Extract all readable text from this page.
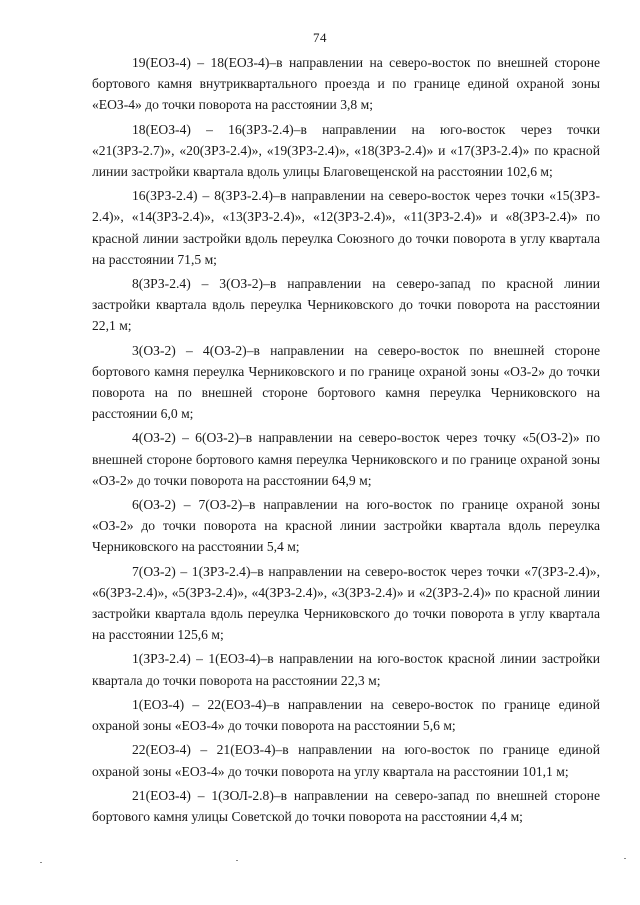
74

19(ЕОЗ-4) – 18(ЕОЗ-4)–в направлении на северо-восток по внешней стороне бортового камня внутриквартального проезда и по границе единой охраной зоны «ЕОЗ-4» до точки поворота на расстоянии 3,8 м;

18(ЕОЗ-4) – 16(ЗРЗ-2.4)–в направлении на юго-восток через точки «21(ЗРЗ-2.7)», «20(ЗРЗ-2.4)», «19(ЗРЗ-2.4)», «18(ЗРЗ-2.4)» и «17(ЗРЗ-2.4)» по красной линии застройки квартала вдоль улицы Благовещенской на расстоянии 102,6 м;

16(ЗРЗ-2.4) – 8(ЗРЗ-2.4)–в направлении на северо-восток через точки «15(ЗРЗ- 2.4)», «14(ЗРЗ-2.4)», «13(ЗРЗ-2.4)», «12(ЗРЗ-2.4)», «11(ЗРЗ-2.4)» и «8(ЗРЗ-2.4)» по красной линии застройки вдоль переулка Союзного до точки поворота в углу квартала на расстоянии 71,5 м;

8(ЗРЗ-2.4) – 3(ОЗ-2)–в направлении на северо-запад по красной линии застройки квартала вдоль переулка Черниковского до точки поворота на расстоянии 22,1 м;

3(ОЗ-2) – 4(ОЗ-2)–в направлении на северо-восток по внешней стороне бортового камня переулка Черниковского и по границе охраной зоны «ОЗ-2» до точки поворота на по внешней стороне бортового камня переулка Черниковского на расстоянии 6,0 м;

4(ОЗ-2) – 6(ОЗ-2)–в направлении на северо-восток через точку «5(ОЗ-2)» по внешней стороне бортового камня переулка Черниковского и по границе охраной зоны «ОЗ-2» до точки поворота на расстоянии 64,9 м;

6(ОЗ-2) – 7(ОЗ-2)–в направлении на юго-восток по границе охраной зоны «ОЗ-2» до точки поворота на красной линии застройки квартала вдоль переулка Черниковского на расстоянии 5,4 м;

7(ОЗ-2) – 1(ЗРЗ-2.4)–в направлении на северо-восток через точки «7(ЗРЗ-2.4)», «6(ЗРЗ-2.4)», «5(ЗРЗ-2.4)», «4(ЗРЗ-2.4)», «3(ЗРЗ-2.4)» и «2(ЗРЗ-2.4)» по красной линии застройки квартала вдоль переулка Черниковского до точки поворота в углу квартала на расстоянии 125,6 м;

1(ЗРЗ-2.4) – 1(ЕОЗ-4)–в направлении на юго-восток красной линии застройки квартала до точки поворота на расстоянии 22,3 м;

1(ЕОЗ-4) – 22(ЕОЗ-4)–в направлении на северо-восток по границе единой охраной зоны «ЕОЗ-4» до точки поворота на расстоянии 5,6 м;

22(ЕОЗ-4) – 21(ЕОЗ-4)–в направлении на юго-восток по границе единой охраной зоны «ЕОЗ-4» до точки поворота на углу квартала на расстоянии 101,1 м;

21(ЕОЗ-4) – 1(ЗОЛ-2.8)–в направлении на северо-запад по внешней стороне бортового камня улицы Советской до точки поворота на расстоянии 4,4 м;
